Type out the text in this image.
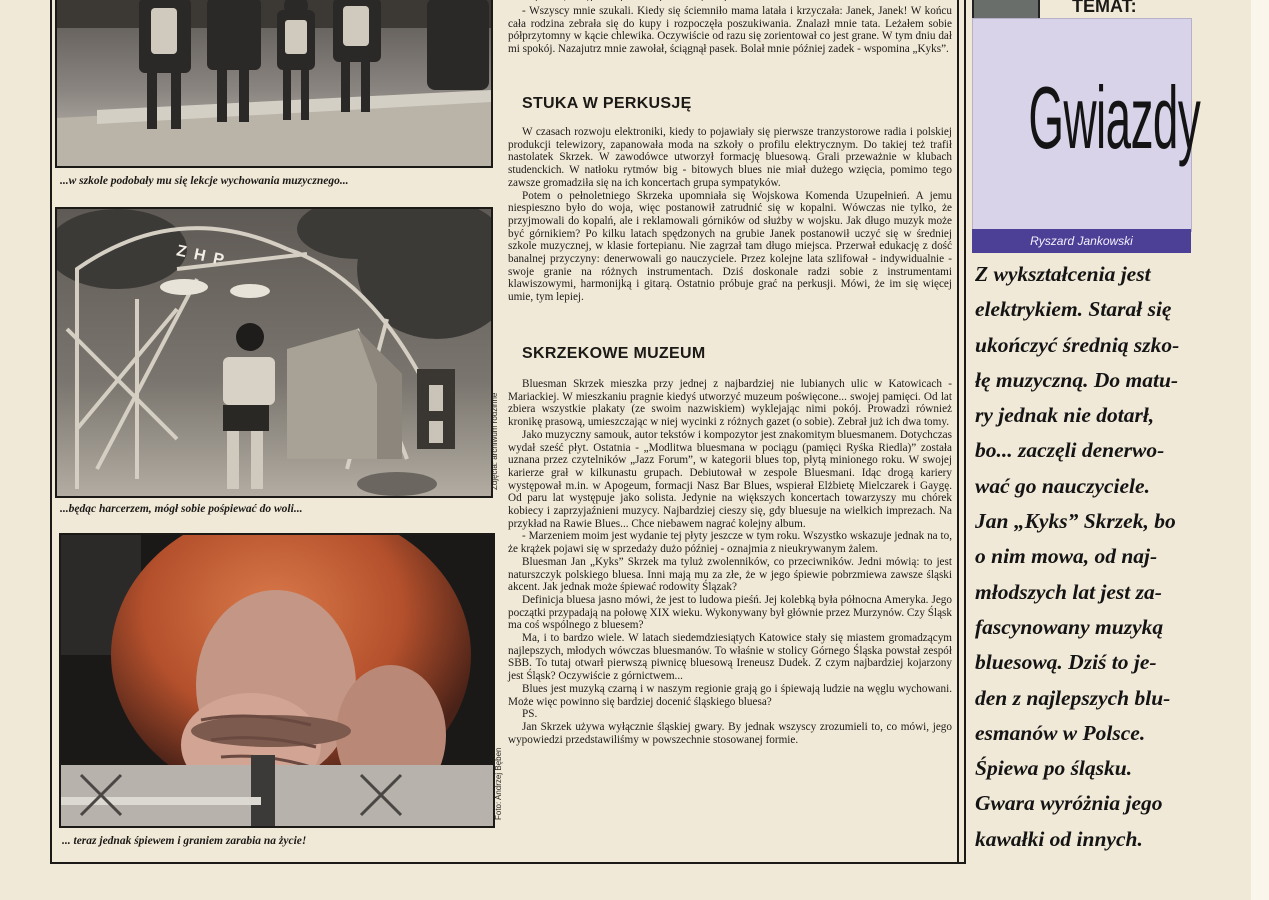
...w szkole podobały mu się lekcje wychowania muzycznego...
ZHP
Zdjęcia: archiwum rodzinne
...będąc harcerzem, mógł sobie pośpiewać do woli...
Foto: Andrzej Bęben
... teraz jednak śpiewem i graniem zarabia na życie!

- Wszyscy mnie szukali. Kiedy się ściemniło mama latała i krzyczała: Janek, Janek! W końcu cała rodzina zebrała się do kupy i rozpoczęła poszukiwania. Znalazł mnie tata. Leżałem sobie półprzytomny w kącie chlewika. Oczywiście od razu się zorientował co jest grane. W tym dniu dał mi spokój. Nazajutrz mnie zawołał, ściągnął pasek. Bolał mnie później zadek - wspomina „Kyks”.

STUKA W PERKUSJĘ

W czasach rozwoju elektroniki, kiedy to pojawiały się pierwsze tranzystorowe radia i polskiej produkcji telewizory, zapanowała moda na szkoły o profilu elektrycznym. Do takiej też trafił nastolatek Skrzek. W zawodówce utworzył formację bluesową. Grali przeważnie w klubach studenckich. W natłoku rytmów big - bitowych blues nie miał dużego wzięcia, pomimo tego zawsze gromadziła się na ich koncertach grupa sympatyków.

Potem o pełnoletniego Skrzeka upomniała się Wojskowa Komenda Uzupełnień. A jemu niespieszno było do woja, więc postanowił zatrudnić się w kopalni. Wówczas nie tylko, że przyjmowali do kopalń, ale i reklamowali górników od służby w wojsku. Jak długo muzyk może być górnikiem? Po kilku latach spędzonych na grubie Janek postanowił uczyć się w średniej szkole muzycznej, w klasie fortepianu. Nie zagrzał tam długo miejsca. Przerwał edukację z dość banalnej przyczyny: denerwowali go nauczyciele. Przez kolejne lata szlifował - indywidualnie - swoje granie na różnych instrumentach. Dziś doskonale radzi sobie z instrumentami klawiszowymi, harmonijką i gitarą. Ostatnio próbuje grać na perkusji. Mówi, że im się więcej umie, tym lepiej.

SKRZEKOWE MUZEUM

Bluesman Skrzek mieszka przy jednej z najbardziej nie lubianych ulic w Katowicach - Mariackiej. W mieszkaniu pragnie kiedyś utworzyć muzeum poświęcone... swojej pamięci. Od lat zbiera wszystkie plakaty (ze swoim nazwiskiem) wyklejając nimi pokój. Prowadzi również kronikę prasową, umieszczając w niej wycinki z różnych gazet (o sobie). Zebrał już ich dwa tomy.

Jako muzyczny samouk, autor tekstów i kompozytor jest znakomitym bluesmanem. Dotychczas wydał sześć płyt. Ostatnia - „Modlitwa bluesmana w pociągu (pamięci Ryśka Riedla)” została uznana przez czytelników „Jazz Forum”, w kategorii blues top, płytą minionego roku. W swojej karierze grał w kilkunastu grupach. Debiutował w zespole Bluesmani. Idąc drogą kariery występował m.in. w Apogeum, formacji Nasz Bar Blues, wspierał Elżbietę Mielczarek i Gaygę. Od paru lat występuje jako solista. Jedynie na większych koncertach towarzyszy mu chórek kobiecy i zaprzyjaźnieni muzycy. Najbardziej cieszy się, gdy bluesuje na wielkich imprezach. Na przykład na Rawie Blues... Chce niebawem nagrać kolejny album.

- Marzeniem moim jest wydanie tej płyty jeszcze w tym roku. Wszystko wskazuje jednak na to, że krążek pojawi się w sprzedaży dużo później - oznajmia z nieukrywanym żalem.

Bluesman Jan „Kyks” Skrzek ma tyluż zwolenników, co przeciwników. Jedni mówią: to jest naturszczyk polskiego bluesa. Inni mają mu za złe, że w jego śpiewie pobrzmiewa zawsze śląski akcent. Jak jednak może śpiewać rodowity Ślązak?

Definicja bluesa jasno mówi, że jest to ludowa pieśń. Jej kolebką była północna Ameryka. Jego początki przypadają na połowę XIX wieku. Wykonywany był głównie przez Murzynów. Czy Śląsk ma coś wspólnego z bluesem?

Ma, i to bardzo wiele. W latach siedemdziesiątych Katowice stały się miastem gromadzącym najlepszych, młodych wówczas bluesmanów. To właśnie w stolicy Górnego Śląska powstał zespół SBB. To tutaj otwarł pierwszą piwnicę bluesową Ireneusz Dudek. Z czym najbardziej kojarzony jest Śląsk? Oczywiście z górnictwem...

Blues jest muzyką czarną i w naszym regionie grają go i śpiewają ludzie na węglu wychowani. Może więc powinno się bardziej docenić śląskiego bluesa?

PS.

Jan Skrzek używa wyłącznie śląskiej gwary. By jednak wszyscy zrozumieli to, co mówi, jego wypowiedzi przedstawiliśmy w powszechnie stosowanej formie.

TEMAT:
Gwiazdy
Ryszard Jankowski
Z wykształcenia jest
elektrykiem. Starał się
ukończyć średnią szko-
łę muzyczną. Do matu-
ry jednak nie dotarł,
bo... zaczęli denerwo-
wać go nauczyciele.
Jan „Kyks” Skrzek, bo
o nim mowa, od naj-
młodszych lat jest za-
fascynowany muzyką
bluesową. Dziś to je-
den z najlepszych blu-
esmanów w Polsce.
Śpiewa po śląsku.
Gwara wyróżnia jego
kawałki od innych.
